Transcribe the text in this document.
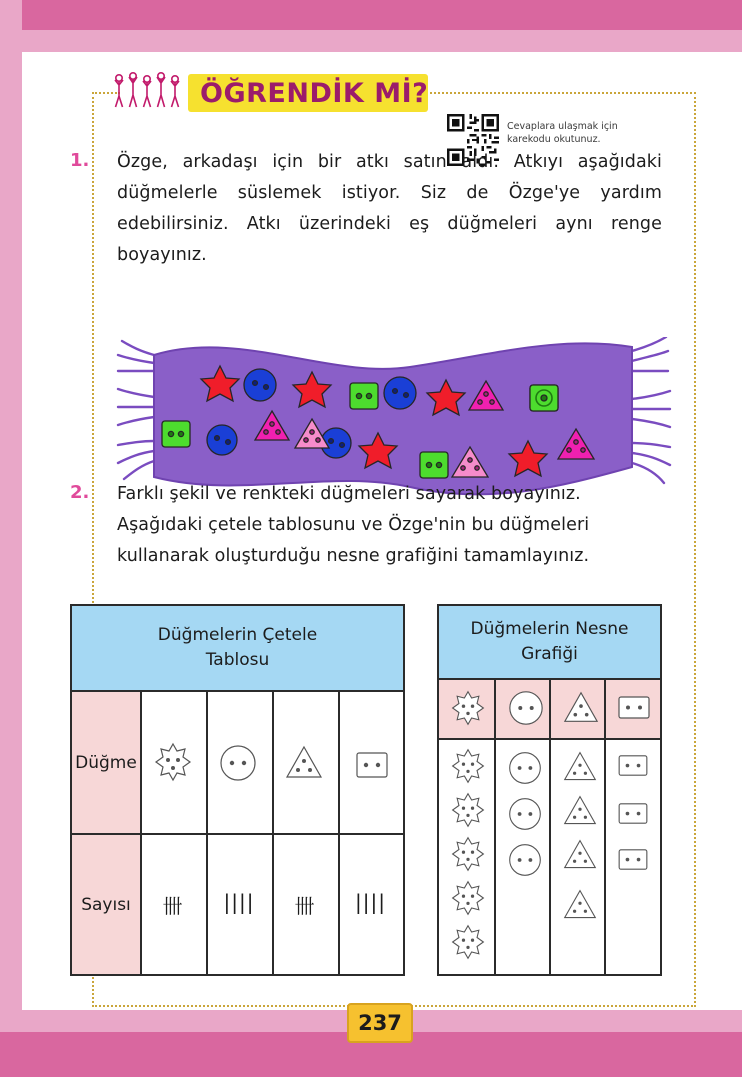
ÖĞRENDİK Mİ?
Cevaplara ulaşmak için
karekodu okutunuz.
1. Özge, arkadaşı için bir atkı satın aldı. Atkıyı aşağıdaki düğmelerle süslemek istiyor. Siz de Özge'ye yardım edebilirsiniz. Atkı üzerindeki eş düğmeleri aynı renge boyayınız.
2. Farklı şekil ve renkteki düğmeleri sayarak boyayınız. Aşağıdaki çetele tablosunu ve Özge'nin bu düğmeleri kullanarak oluşturduğu nesne grafiğini tamamlayınız.
Düğmelerin Çetele
Tablosu
Düğme
Sayısı	卌	||||	卌	||||
Düğmelerin Nesne
Grafiği
237
